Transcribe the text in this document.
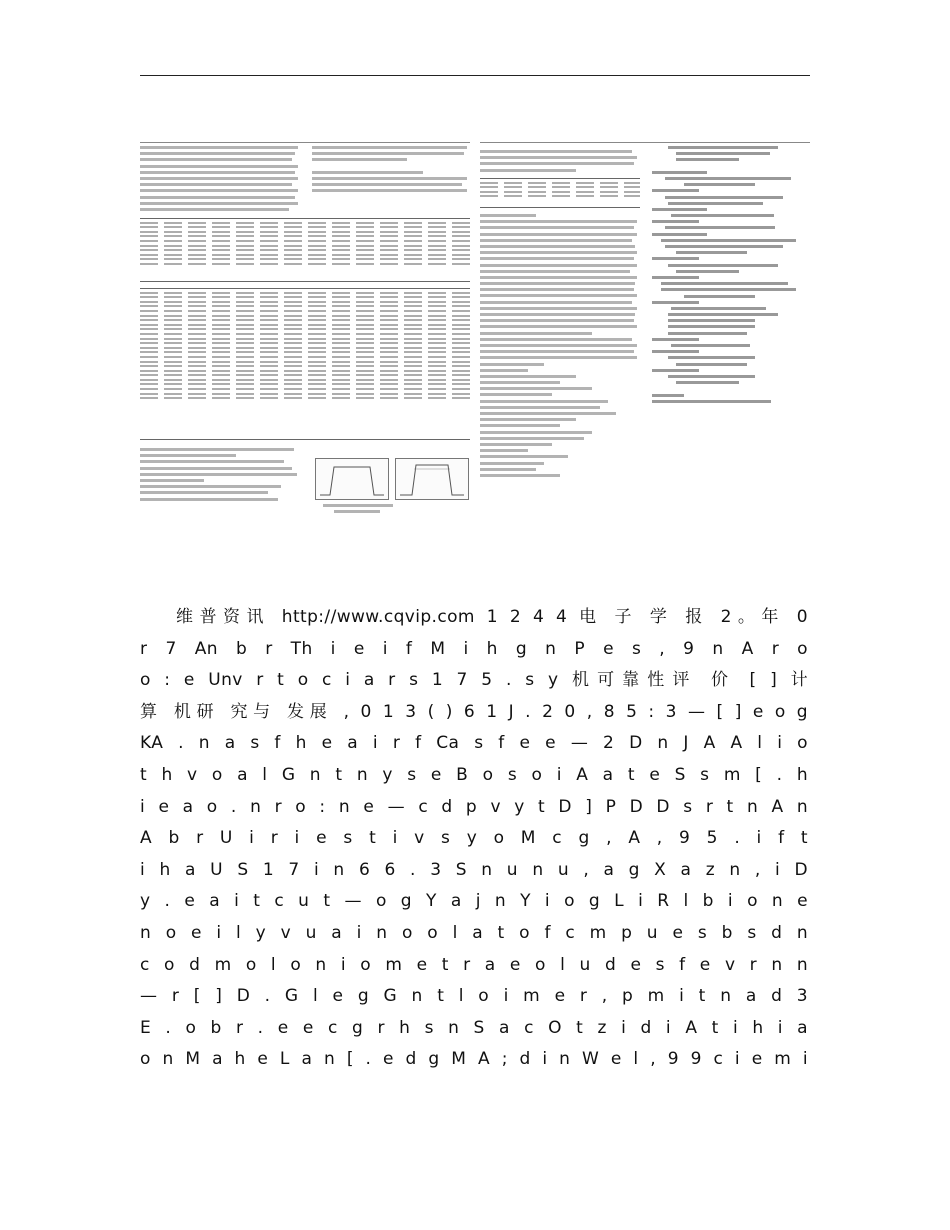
维普资讯 http://www.cqvip.com 1 2 4 4 电 子 学 报 2。年 0

r 7 An b r Th i e i f M i h g n P e s , 9 n A r o

o : e Unv r t o c i a r s 1 7 5 . s y 机可靠性评 价 [ ] 计

算 机研 究与 发展 , 0 1 3 ( ) 6 1 J . 2 0 , 8 5 : 3 — [ ] e o g

KA . n a s f h e a i r f Ca s f e e — 2 D n J A A l i o

t h v o a l G n t n y s e B o s o i A a t e S s m [ . h

i e a o . n r o : n e — c d p v y t D ] P D D s r t n A n

A b r U i r i e s t i v s y o M c g , A , 9 5 . i f t

i h a U S 1 7 i n 6 6 . 3 S n u n u , a g X a z n , i D

y . e a i t c u t — o g Y a j n Y i o g L i R l b i o n e

n o e i l y v u a i n o o l a t o f c m p u e s b s d n

c o d m o l o n i o m e t r a e o l u d e s f e v r n n

— r [ ] D . G l e g G n t l o i m e r , p m i t n a d 3

E . o b r . e e c g r h s n S a c O t z i d i A t i h i a

o n M a h e L a n [ . e d g M A ; d i n W e l , 9 9 c i e m i
